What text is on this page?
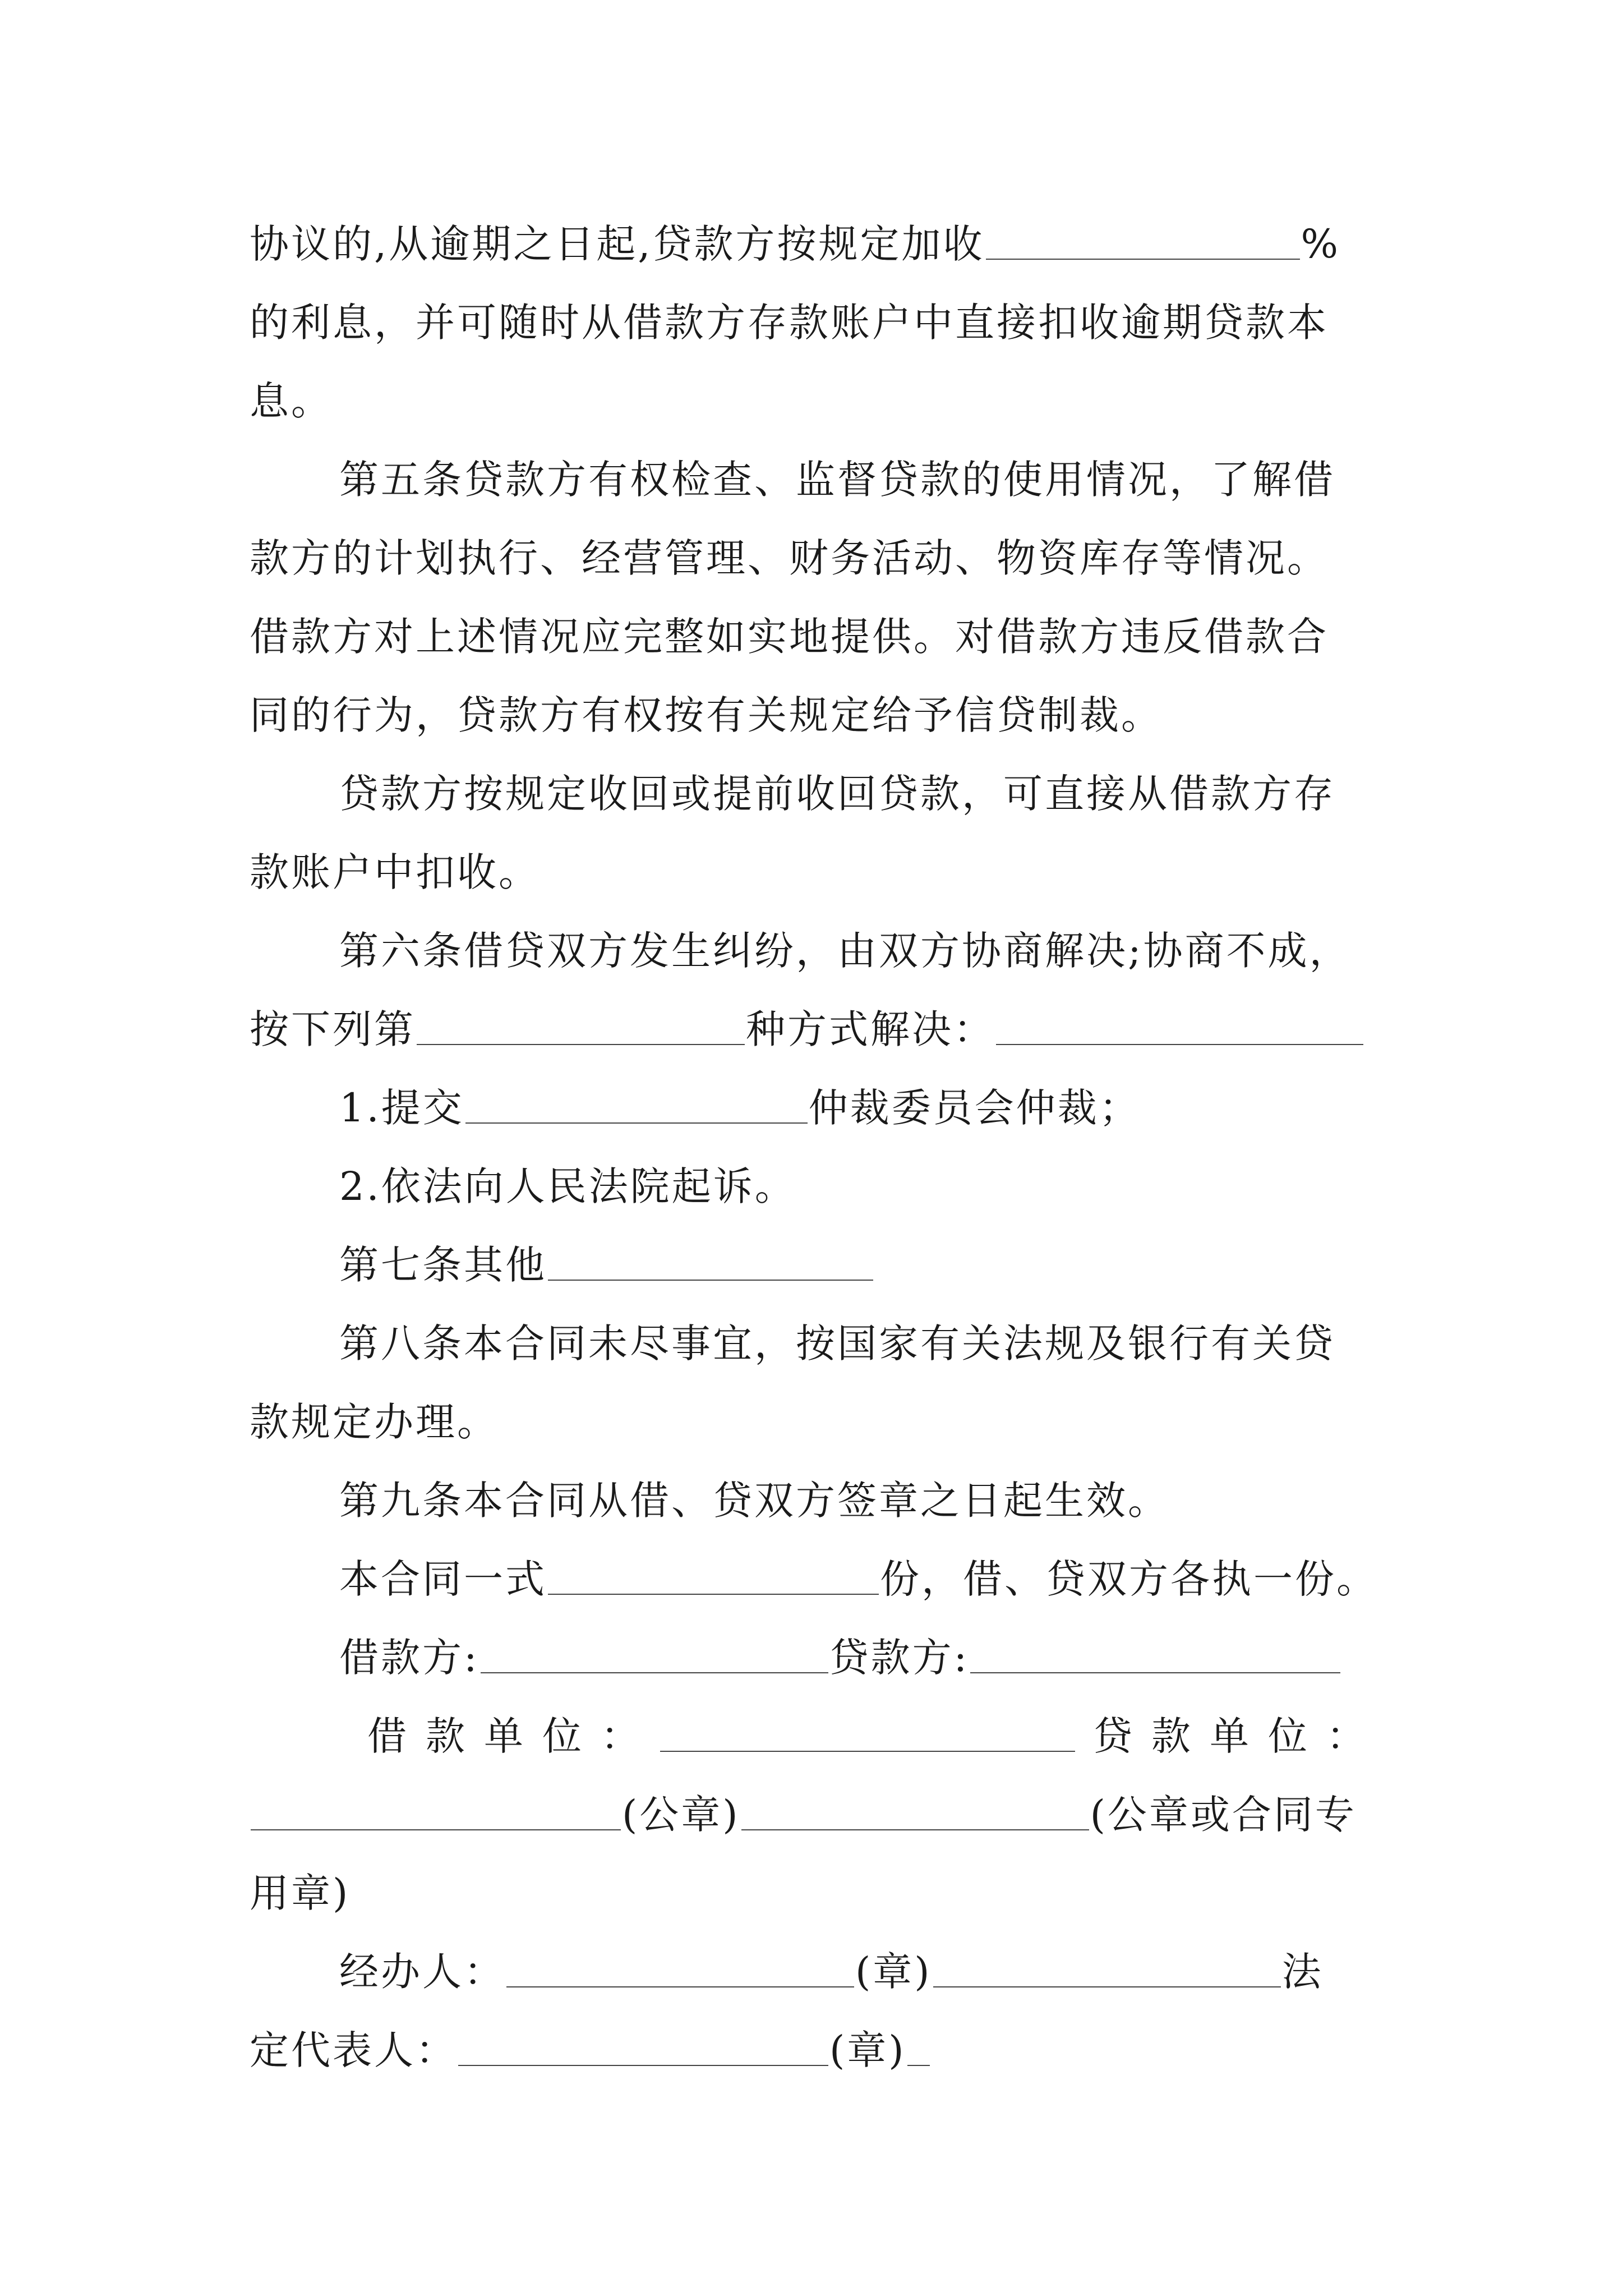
协议的,从逾期之日起,贷款方按规定加收	%
的利息，并可随时从借款方存款账户中直接扣收逾期贷款本
息。
第五条贷款方有权检查、监督贷款的使用情况，了解借
款方的计划执行、经营管理、财务活动、物资库存等情况。
借款方对上述情况应完整如实地提供。对借款方违反借款合
同的行为，贷款方有权按有关规定给予信贷制裁。
贷款方按规定收回或提前收回贷款，可直接从借款方存
款账户中扣收。
第六条借贷双方发生纠纷，由双方协商解决;协商不成，
按下列第	种方式解决：
1.提交	仲裁委员会仲裁；
2.依法向人民法院起诉。
第七条其他
第八条本合同未尽事宜，按国家有关法规及银行有关贷
款规定办理。
第九条本合同从借、贷双方签章之日起生效。
本合同一式	份，借、贷双方各执一份。
借款方:	贷款方:
借款单位：	贷款单位：
(公章)	(公章或合同专
用章)
经办人：	(章)	法
定代表人：	(章)
